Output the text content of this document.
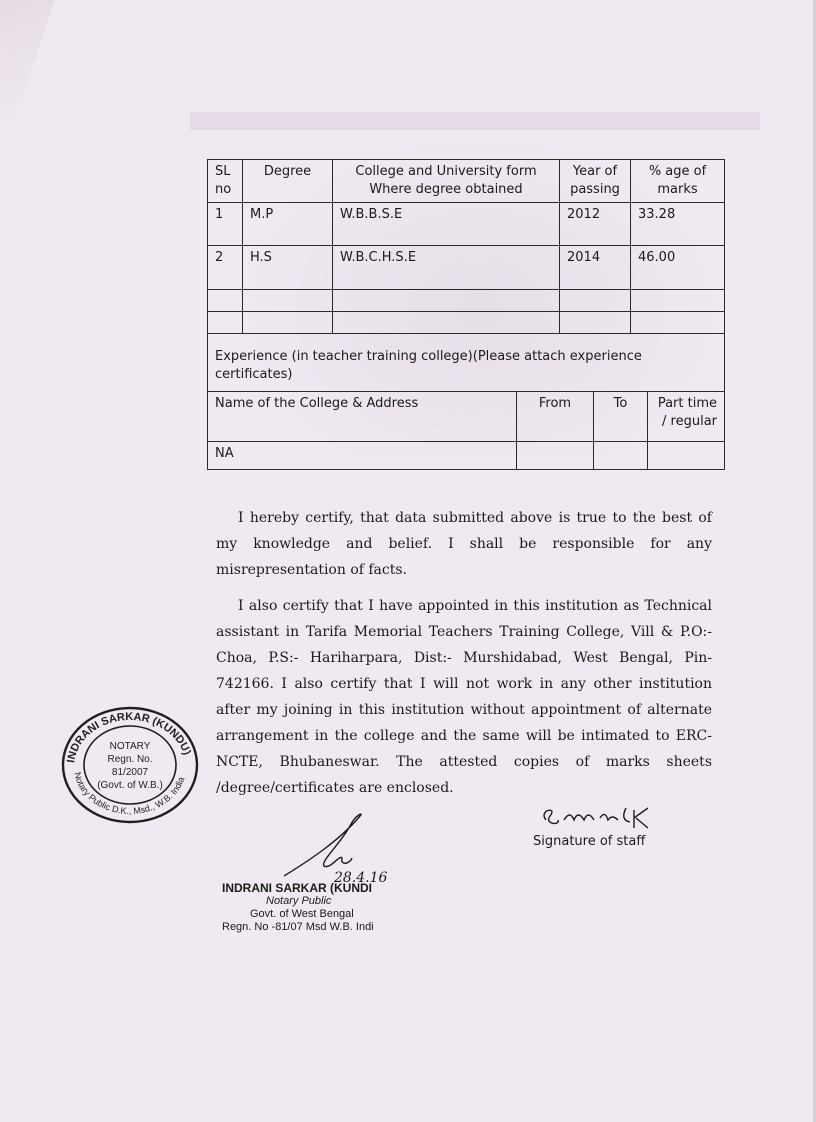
SL no	Degree	College and University form Where degree obtained	Year of passing	% age of marks
1	M.P	W.B.B.S.E	2012	33.28
2	H.S	W.B.C.H.S.E	2014	46.00

Experience (in teacher training college)(Please attach experience certificates)				
Name of the College & Address	From	To	Part time / regular
NA			

I hereby certify, that data submitted above is true to the best of my knowledge and belief. I shall be responsible for any misrepresentation of facts.

I also certify that I have appointed in this institution as Technical assistant in Tarifa Memorial Teachers Training College, Vill & P.O:- Choa, P.S:- Hariharpara, Dist:- Murshidabad, West Bengal, Pin- 742166. I also certify that I will not work in any other institution after my joining in this institution without appointment of alternate arrangement in the college and the same will be intimated to ERC-NCTE, Bhubaneswar. The attested copies of marks sheets /degree/certificates are enclosed.

Signature of staff
INDRANI SARKAR (KUNDU)
Notary Public D.K., Msd., W.B. India
NOTARY
Regn. No.
81/2007
(Govt. of W.B.)
28.4.16
INDRANI SARKAR (KUNDI
Notary Public
Govt. of West Bengal
Regn. No -81/07 Msd W.B. Indi
